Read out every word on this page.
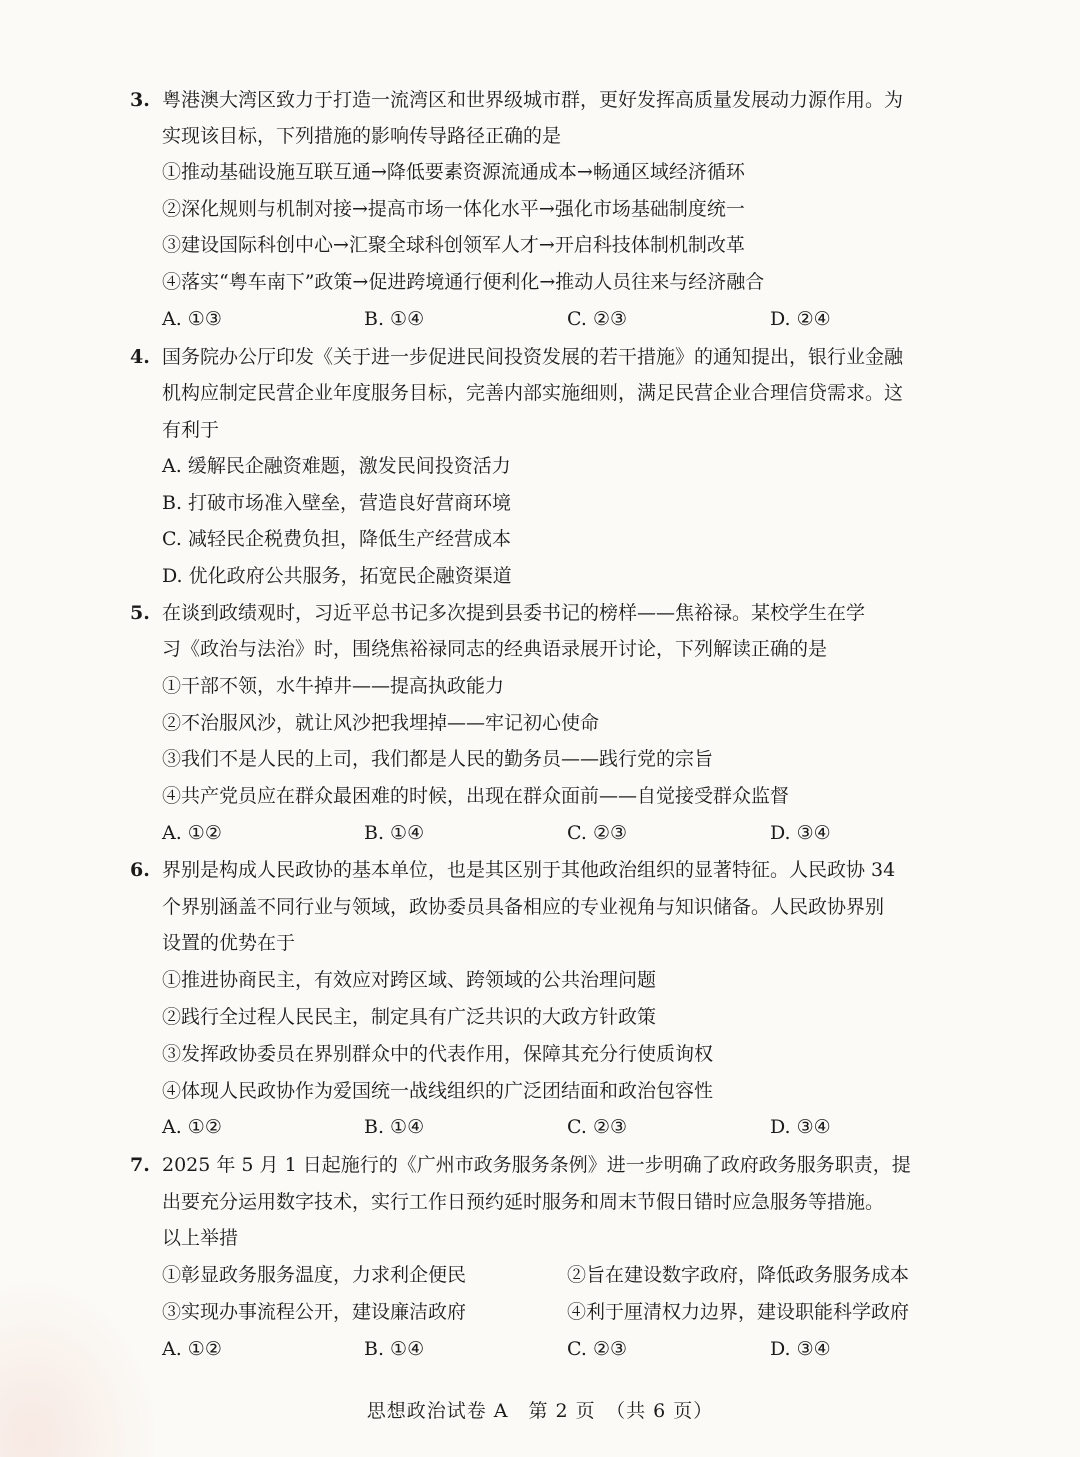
3. 粤港澳大湾区致力于打造一流湾区和世界级城市群，更好发挥高质量发展动力源作用。为
实现该目标，下列措施的影响传导路径正确的是
①推动基础设施互联互通→降低要素资源流通成本→畅通区域经济循环
②深化规则与机制对接→提高市场一体化水平→强化市场基础制度统一
③建设国际科创中心→汇聚全球科创领军人才→开启科技体制机制改革
④落实“粤车南下”政策→促进跨境通行便利化→推动人员往来与经济融合
A. ①③	B. ①④	C. ②③	D. ②④
4. 国务院办公厅印发《关于进一步促进民间投资发展的若干措施》的通知提出，银行业金融
机构应制定民营企业年度服务目标，完善内部实施细则，满足民营企业合理信贷需求。这
有利于
A. 缓解民企融资难题，激发民间投资活力
B. 打破市场准入壁垒，营造良好营商环境
C. 减轻民企税费负担，降低生产经营成本
D. 优化政府公共服务，拓宽民企融资渠道
5. 在谈到政绩观时，习近平总书记多次提到县委书记的榜样——焦裕禄。某校学生在学
习《政治与法治》时，围绕焦裕禄同志的经典语录展开讨论，下列解读正确的是
①干部不领，水牛掉井——提高执政能力
②不治服风沙，就让风沙把我埋掉——牢记初心使命
③我们不是人民的上司，我们都是人民的勤务员——践行党的宗旨
④共产党员应在群众最困难的时候，出现在群众面前——自觉接受群众监督
A. ①②	B. ①④	C. ②③	D. ③④
6. 界别是构成人民政协的基本单位，也是其区别于其他政治组织的显著特征。人民政协 34
个界别涵盖不同行业与领域，政协委员具备相应的专业视角与知识储备。人民政协界别
设置的优势在于
①推进协商民主，有效应对跨区域、跨领域的公共治理问题
②践行全过程人民民主，制定具有广泛共识的大政方针政策
③发挥政协委员在界别群众中的代表作用，保障其充分行使质询权
④体现人民政协作为爱国统一战线组织的广泛团结面和政治包容性
A. ①②	B. ①④	C. ②③	D. ③④
7. 2025 年 5 月 1 日起施行的《广州市政务服务条例》进一步明确了政府政务服务职责，提
出要充分运用数字技术，实行工作日预约延时服务和周末节假日错时应急服务等措施。
以上举措
①彰显政务服务温度，力求利企便民	②旨在建设数字政府，降低政务服务成本
③实现办事流程公开，建设廉洁政府	④利于厘清权力边界，建设职能科学政府
A. ①②	B. ①④	C. ②③	D. ③④
思想政治试卷 A　第 2 页　（共 6 页）
